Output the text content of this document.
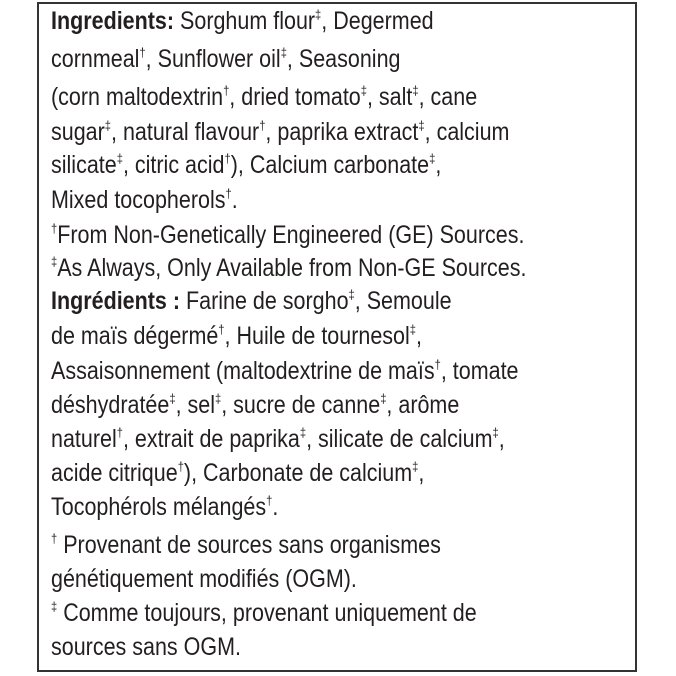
Ingredients: Sorghum flour‡, Degermed

cornmeal†, Sunflower oil‡, Seasoning

(corn maltodextrin†, dried tomato‡, salt‡, cane

sugar‡, natural flavour†, paprika extract‡, calcium

silicate‡, citric acid†), Calcium carbonate‡,

Mixed tocopherols†.

†From Non-Genetically Engineered (GE) Sources.

‡As Always, Only Available from Non-GE Sources.

Ingrédients : Farine de sorgho‡, Semoule

de maïs dégermé†, Huile de tournesol‡,

Assaisonnement (maltodextrine de maïs†, tomate

déshydratée‡, sel‡, sucre de canne‡, arôme

naturel†, extrait de paprika‡, silicate de calcium‡,

acide citrique†), Carbonate de calcium‡,

Tocophérols mélangés†.

† Provenant de sources sans organismes

génétiquement modifiés (OGM).

‡ Comme toujours, provenant uniquement de

sources sans OGM.
